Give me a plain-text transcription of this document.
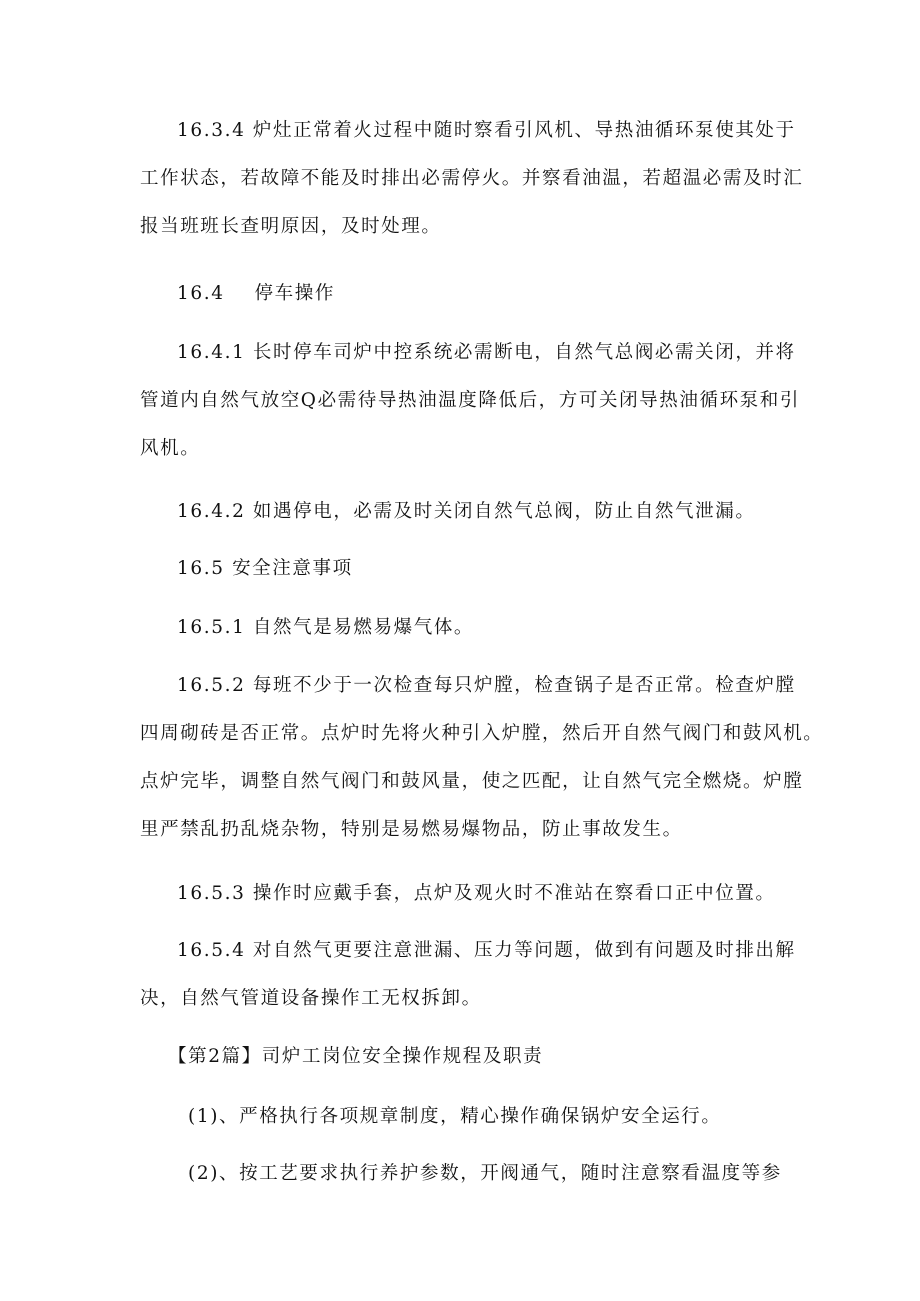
16.3.4 炉灶正常着火过程中随时察看引风机、导热油循环泵使其处于
工作状态，若故障不能及时排出必需停火。并察看油温，若超温必需及时汇
报当班班长查明原因，及时处理。
16.4    停车操作
16.4.1 长时停车司炉中控系统必需断电，自然气总阀必需关闭，并将
管道内自然气放空Q必需待导热油温度降低后，方可关闭导热油循环泵和引
风机。
16.4.2 如遇停电，必需及时关闭自然气总阀，防止自然气泄漏。
16.5 安全注意事项
16.5.1 自然气是易燃易爆气体。
16.5.2 每班不少于一次检查每只炉膛，检查锅子是否正常。检查炉膛
四周砌砖是否正常。点炉时先将火种引入炉膛，然后开自然气阀门和鼓风机。
点炉完毕，调整自然气阀门和鼓风量，使之匹配，让自然气完全燃烧。炉膛
里严禁乱扔乱烧杂物，特别是易燃易爆物品，防止事故发生。
16.5.3 操作时应戴手套，点炉及观火时不准站在察看口正中位置。
16.5.4 对自然气更要注意泄漏、压力等问题，做到有问题及时排出解
决，自然气管道设备操作工无权拆卸。
【第2篇】司炉工岗位安全操作规程及职责
(1)、严格执行各项规章制度，精心操作确保锅炉安全运行。
(2)、按工艺要求执行养护参数，开阀通气，随时注意察看温度等参
